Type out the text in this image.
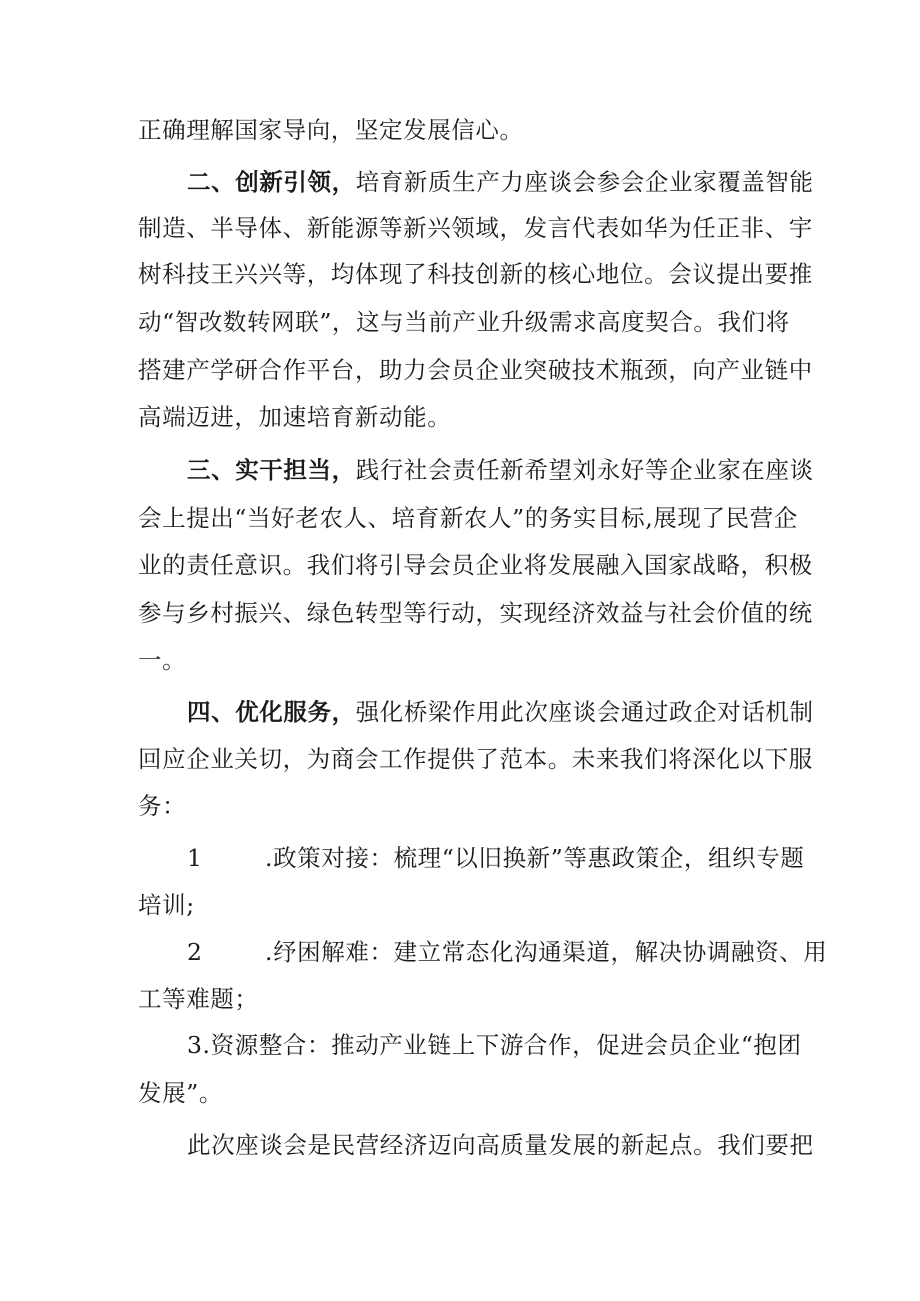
正确理解国家导向，坚定发展信心。
二、创新引领，培育新质生产力座谈会参会企业家覆盖智能
制造、半导体、新能源等新兴领域，发言代表如华为任正非、宇
树科技王兴兴等，均体现了科技创新的核心地位。会议提出要推
动“智改数转网联”，这与当前产业升级需求高度契合。我们将
搭建产学研合作平台，助力会员企业突破技术瓶颈，向产业链中
高端迈进，加速培育新动能。
三、实干担当，践行社会责任新希望刘永好等企业家在座谈
会上提出“当好老农人、培育新农人”的务实目标,展现了民营企
业的责任意识。我们将引导会员企业将发展融入国家战略，积极
参与乡村振兴、绿色转型等行动，实现经济效益与社会价值的统
一。
四、优化服务，强化桥梁作用此次座谈会通过政企对话机制
回应企业关切，为商会工作提供了范本。未来我们将深化以下服
务：
1	.政策对接：梳理“以旧换新”等惠政策企，组织专题
培训;
2	.纾困解难：建立常态化沟通渠道，解决协调融资、用
工等难题；
3.资源整合：推动产业链上下游合作，促进会员企业“抱团
发展”。
此次座谈会是民营经济迈向高质量发展的新起点。我们要把
